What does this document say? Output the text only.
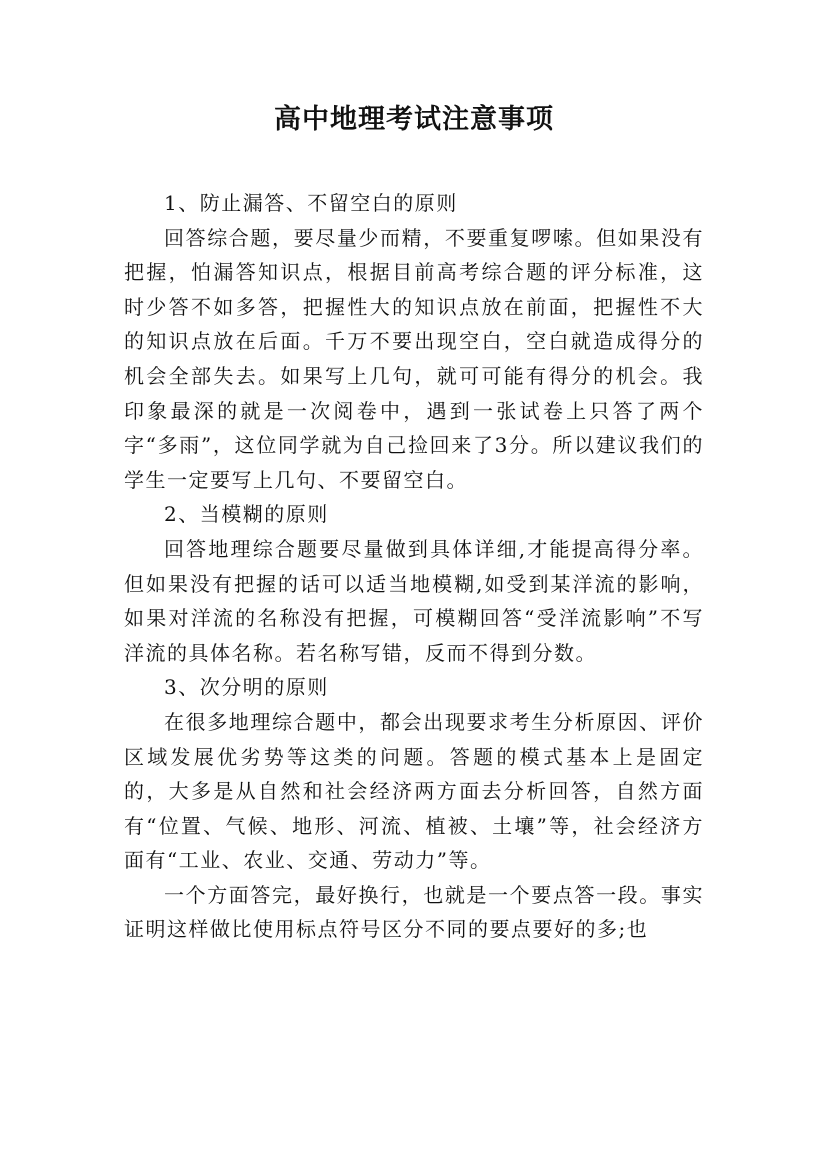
高中地理考试注意事项

1、防止漏答、不留空白的原则

回答综合题，要尽量少而精，不要重复啰嗦。但如果没有把握，怕漏答知识点，根据目前高考综合题的评分标准，这时少答不如多答，把握性大的知识点放在前面，把握性不大的知识点放在后面。千万不要出现空白，空白就造成得分的机会全部失去。如果写上几句，就可可能有得分的机会。我印象最深的就是一次阅卷中，遇到一张试卷上只答了两个字“多雨”，这位同学就为自己捡回来了3分。所以建议我们的学生一定要写上几句、不要留空白。

2、当模糊的原则

回答地理综合题要尽量做到具体详细,才能提高得分率。但如果没有把握的话可以适当地模糊,如受到某洋流的影响，如果对洋流的名称没有把握，可模糊回答“受洋流影响”不写洋流的具体名称。若名称写错，反而不得到分数。

3、次分明的原则

在很多地理综合题中，都会出现要求考生分析原因、评价区域发展优劣势等这类的问题。答题的模式基本上是固定的，大多是从自然和社会经济两方面去分析回答，自然方面有“位置、气候、地形、河流、植被、土壤”等，社会经济方面有“工业、农业、交通、劳动力”等。

一个方面答完，最好换行，也就是一个要点答一段。事实证明这样做比使用标点符号区分不同的要点要好的多;也
